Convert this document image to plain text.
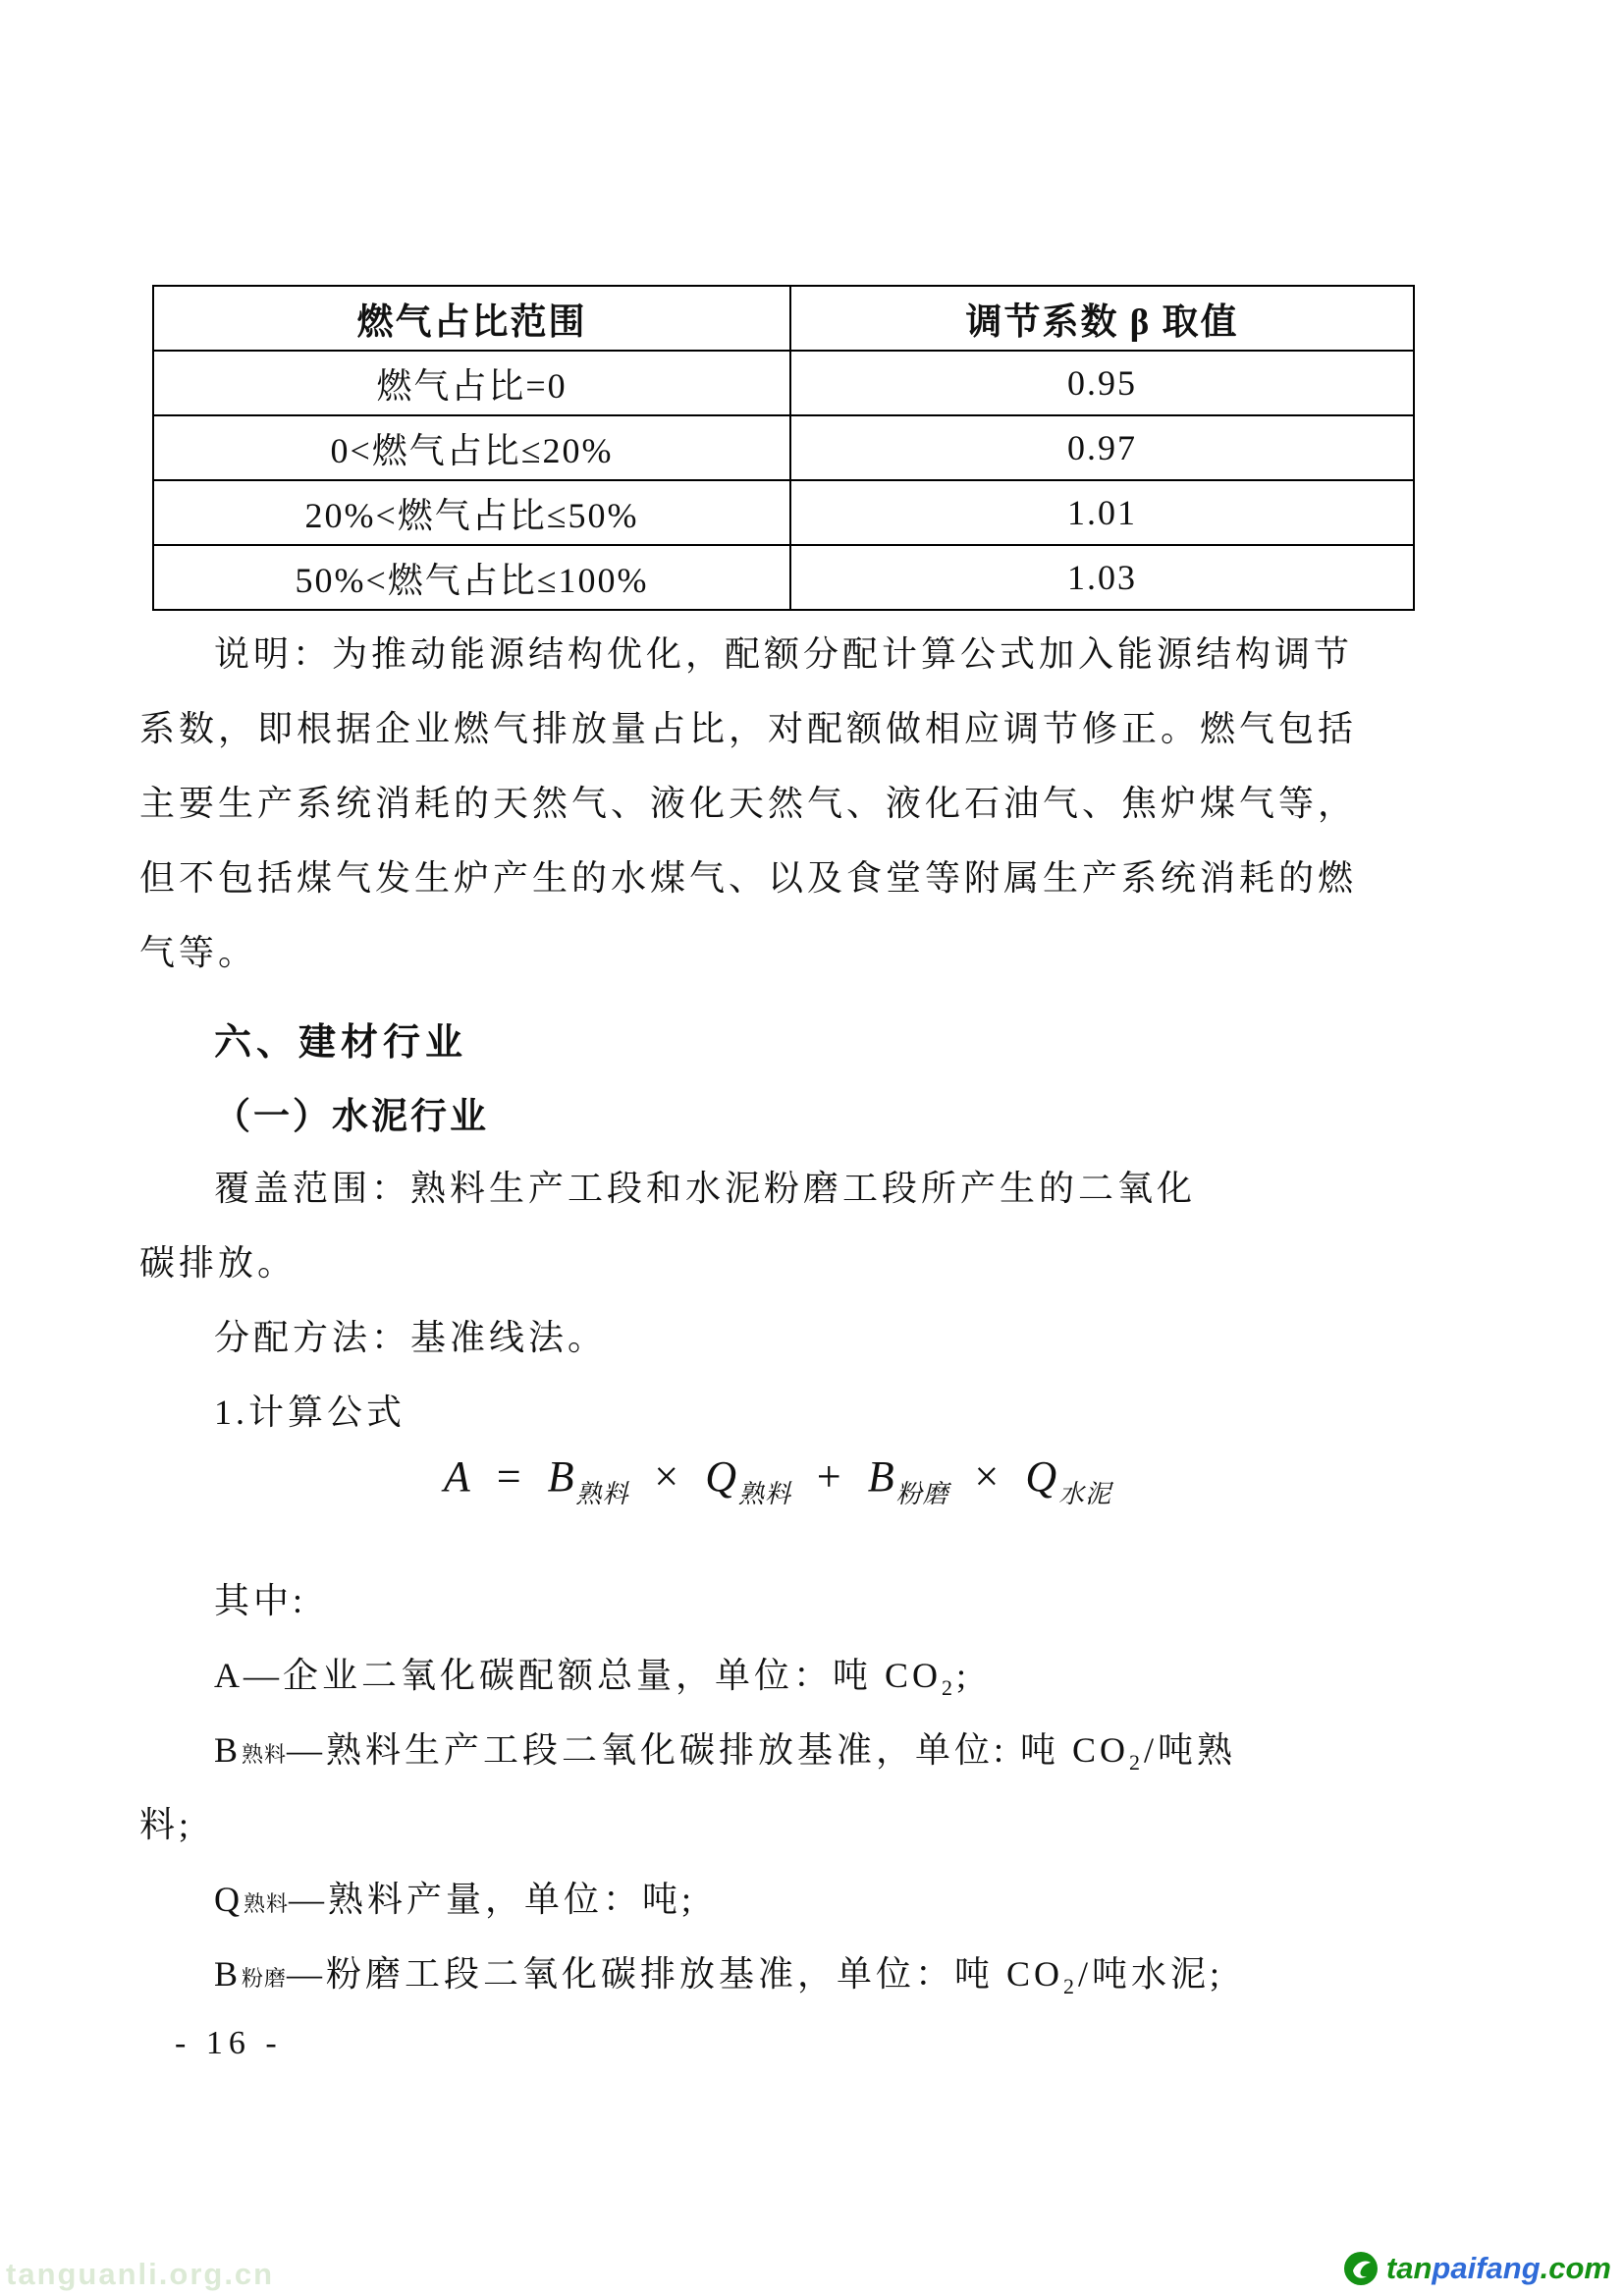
燃气占比范围	调节系数 β 取值
燃气占比=0	0.95
0<燃气占比≤20%	0.97
20%<燃气占比≤50%	1.01
50%<燃气占比≤100%	1.03
说明：为推动能源结构优化，配额分配计算公式加入能源结构调节
系数，即根据企业燃气排放量占比，对配额做相应调节修正。燃气包括
主要生产系统消耗的天然气、液化天然气、液化石油气、焦炉煤气等，
但不包括煤气发生炉产生的水煤气、以及食堂等附属生产系统消耗的燃
气等。
六、建材行业
（一）水泥行业
覆盖范围：熟料生产工段和水泥粉磨工段所产生的二氧化
碳排放。
分配方法：基准线法。
1.计算公式
$A = B_{熟料} \times Q_{熟料} + B_{粉磨} \times Q_{水泥}$
其中:
A—企业二氧化碳配额总量，单位：吨 $CO_2$;
B熟料—熟料生产工段二氧化碳排放基准，单位: 吨 $CO_2/$吨熟
料;
Q熟料—熟料产量，单位：吨;
B粉磨—粉磨工段二氧化碳排放基准，单位：吨 $CO_2/$吨水泥;
- 16 -
tanguanli.org.cn	tanpaifang.com
